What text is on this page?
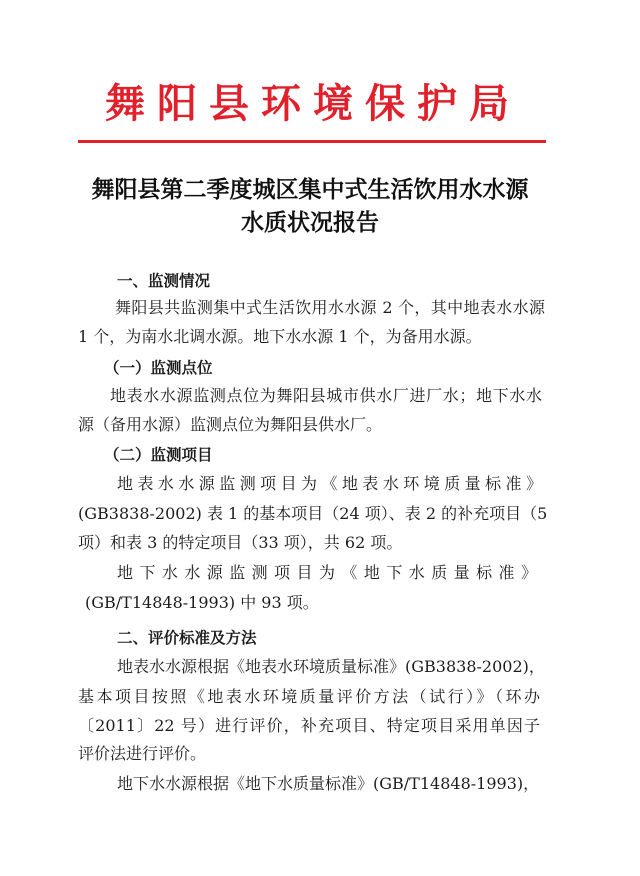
舞阳县环境保护局
舞阳县第二季度城区集中式生活饮用水水源
水质状况报告
一、监测情况
舞阳县共监测集中式生活饮用水水源 2 个，其中地表水水源
1 个，为南水北调水源。地下水水源 1 个，为备用水源。
（一）监测点位
地表水水源监测点位为舞阳县城市供水厂进厂水；地下水水
源（备用水源）监测点位为舞阳县供水厂。
（二）监测项目
地表水水源监测项目为《地表水环境质量标准》
(GB3838-2002) 表 1 的基本项目（24 项）、表 2 的补充项目（5
项）和表 3 的特定项目（33 项），共 62 项。
地下水水源监测项目为《地下水质量标准》
(GB/T14848-1993) 中 93 项。
二、评价标准及方法
地表水水源根据《地表水环境质量标准》(GB3838-2002)，
基本项目按照《地表水环境质量评价方法（试行）》（环办
〔2011〕22 号）进行评价，补充项目、特定项目采用单因子
评价法进行评价。
地下水水源根据《地下水质量标准》(GB/T14848-1993)，
